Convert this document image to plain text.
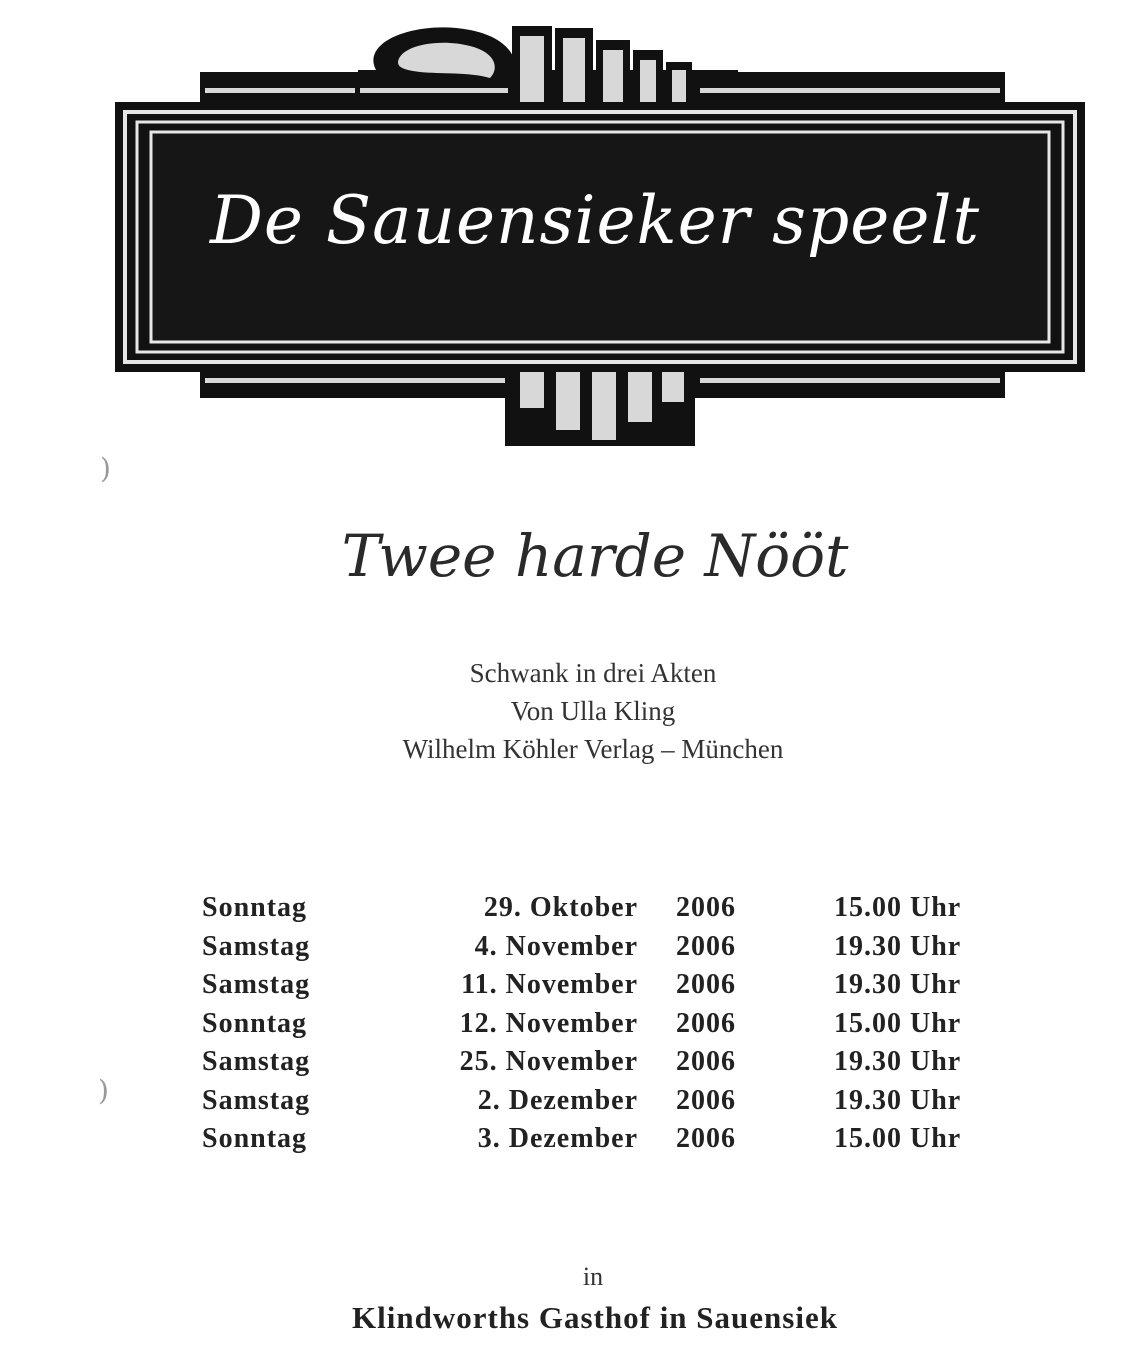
De Sauensieker speelt
Twee harde Nööt
Schwank in drei Akten
Von Ulla Kling
Wilhelm Köhler Verlag – München
Sonntag	29. Oktober 2006	15.00 Uhr
Samstag	4. November 2006	19.30 Uhr
Samstag	11. November 2006	19.30 Uhr
Sonntag	12. November 2006	15.00 Uhr
Samstag	25. November 2006	19.30 Uhr
Samstag	2. Dezember 2006	19.30 Uhr
Sonntag	3. Dezember 2006	15.00 Uhr
in
Klindworths Gasthof in Sauensiek
)
)
